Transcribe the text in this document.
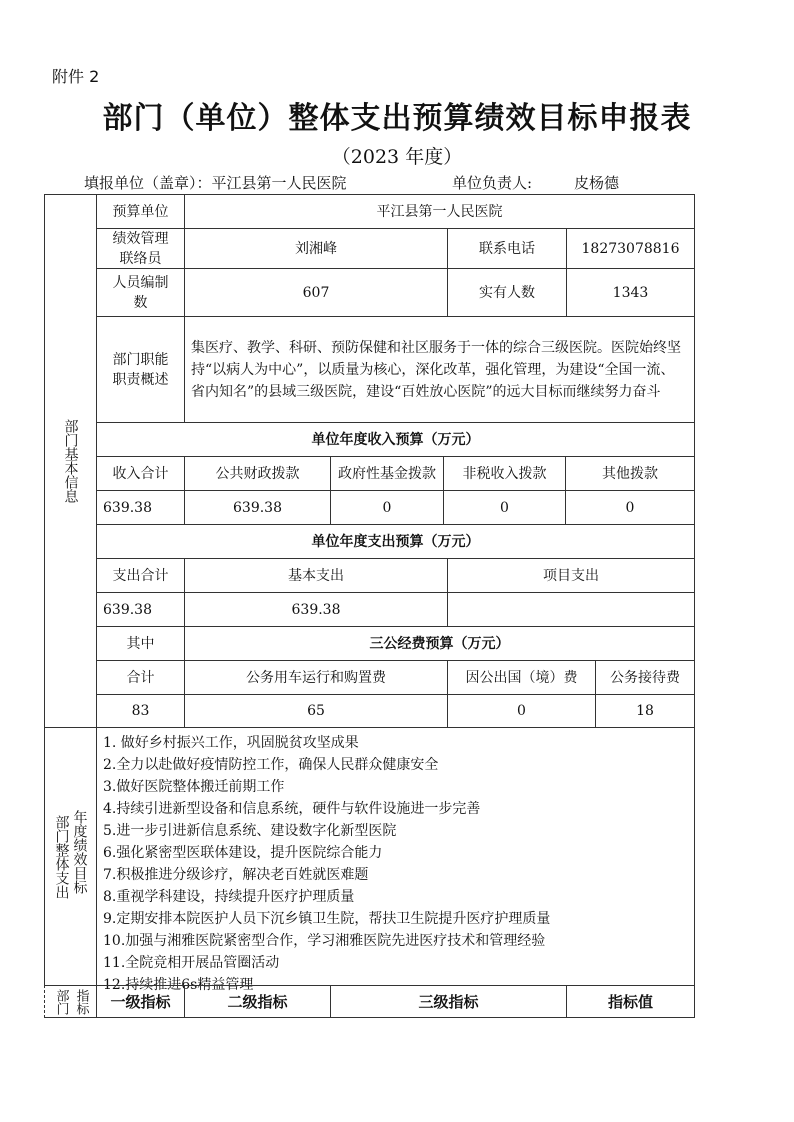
附件 2
部门（单位）整体支出预算绩效目标申报表
（2023 年度）
填报单位（盖章）：平江县第一人民医院	单位负责人:	皮杨德
部门基本信息
预算单位	平江县第一人民医院
绩效管理联络员
刘湘峰	联系电话	18273078816
人员编制数
607	实有人数	1343
部门职能职责概述
集医疗、教学、科研、预防保健和社区服务于一体的综合三级医院。医院始终坚持“以病人为中心”，以质量为核心，深化改革，强化管理，为建设“全国一流、省内知名”的县域三级医院，建设“百姓放心医院”的远大目标而继续努力奋斗
单位年度收入预算（万元）
收入合计	公共财政拨款	政府性基金拨款	非税收入拨款	其他拨款
639.38	639.38	0	0	0
单位年度支出预算（万元）
支出合计	基本支出	项目支出
639.38	639.38
其中	三公经费预算（万元）
合计	公务用车运行和购置费	因公出国（境）费	公务接待费
83	65	0	18
部门整体支出 年度绩效目标
1. 做好乡村振兴工作，巩固脱贫攻坚成果
2.全力以赴做好疫情防控工作，确保人民群众健康安全
3.做好医院整体搬迁前期工作
4.持续引进新型设备和信息系统，硬件与软件设施进一步完善
5.进一步引进新信息系统、建设数字化新型医院
6.强化紧密型医联体建设，提升医院综合能力
7.积极推进分级诊疗，解决老百姓就医难题
8.重视学科建设，持续提升医疗护理质量
9.定期安排本院医护人员下沉乡镇卫生院，帮扶卫生院提升医疗护理质量
10.加强与湘雅医院紧密型合作，学习湘雅医院先进医疗技术和管理经验
11.全院竞相开展品管圈活动
12.持续推进6s精益管理
部门 指标	一级指标	二级指标	三级指标	指标值
